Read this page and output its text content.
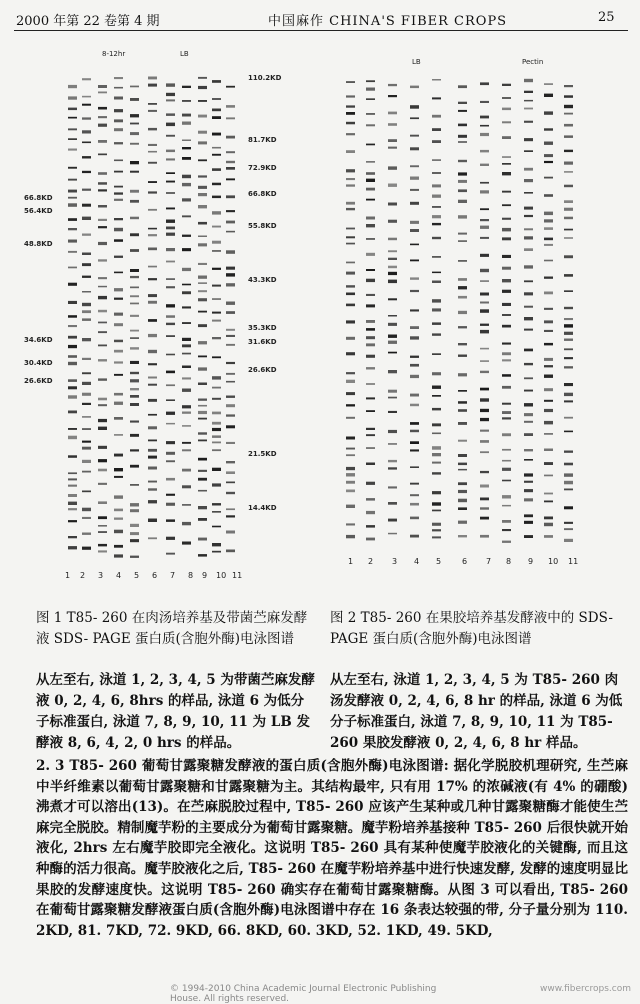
2000 年第 22 卷第 4 期	中国麻作 CHINA'S FIBER CROPS	25
8-12hr	LB
66.8KD
56.4KD
48.8KD
34.6KD
30.4KD
26.6KD
110.2KD
81.7KD
72.9KD
66.8KD
55.8KD
43.3KD
35.3KD
31.6KD
26.6KD
21.5KD
14.4KD
1 2 3 4 5 6 7 8 9 10 11
LB	Pectin
1 2 3 4 5	6 7 8 9 10 11
图 1 T85- 260 在肉汤培养基及带菌苎麻发酵液 SDS- PAGE 蛋白质(含胞外酶)电泳图谱
图 2 T85- 260 在果胶培养基发酵液中的 SDS- PAGE 蛋白质(含胞外酶)电泳图谱
从左至右, 泳道 1, 2, 3, 4, 5 为带菌苎麻发酵液 0, 2, 4, 6, 8hrs 的样品, 泳道 6 为低分子标准蛋白, 泳道 7, 8, 9, 10, 11 为 LB 发酵液 8, 6, 4, 2, 0 hrs 的样品。
从左至右, 泳道 1, 2, 3, 4, 5 为 T85- 260 肉汤发酵液 0, 2, 4, 6, 8 hr 的样品, 泳道 6 为低分子标准蛋白, 泳道 7, 8, 9, 10, 11 为 T85- 260 果胶发酵液 0, 2, 4, 6, 8 hr 样品。
2. 3 T85- 260 葡萄甘露聚糖发酵液的蛋白质(含胞外酶)电泳图谱: 据化学脱胶机理研究, 生苎麻中半纤维素以葡萄甘露聚糖和甘露聚糖为主。其结构最牢, 只有用 17% 的浓碱液(有 4% 的硼酸)沸煮才可以溶出(13)。在苎麻脱胶过程中, T85- 260 应该产生某种或几种甘露聚糖酶才能使生苎麻完全脱胶。精制魔芋粉的主要成分为葡萄甘露聚糖。魔芋粉培养基接种 T85- 260 后很快就开始液化, 2hrs 左右魔芋胶即完全液化。这说明 T85- 260 具有某种使魔芋胶液化的关键酶, 而且这种酶的活力很高。魔芋胶液化之后, T85- 260 在魔芋粉培养基中进行快速发酵, 发酵的速度明显比果胶的发酵速度快。这说明 T85- 260 确实存在葡萄甘露聚糖酶。从图 3 可以看出, T85- 260 在葡萄甘露聚糖发酵液蛋白质(含胞外酶)电泳图谱中存在 16 条表达较强的带, 分子量分别为 110. 2KD, 81. 7KD, 72. 9KD, 66. 8KD, 60. 3KD, 52. 1KD, 49. 5KD,
© 1994-2010 China Academic Journal Electronic Publishing House. All rights reserved.
www.fibercrops.com
